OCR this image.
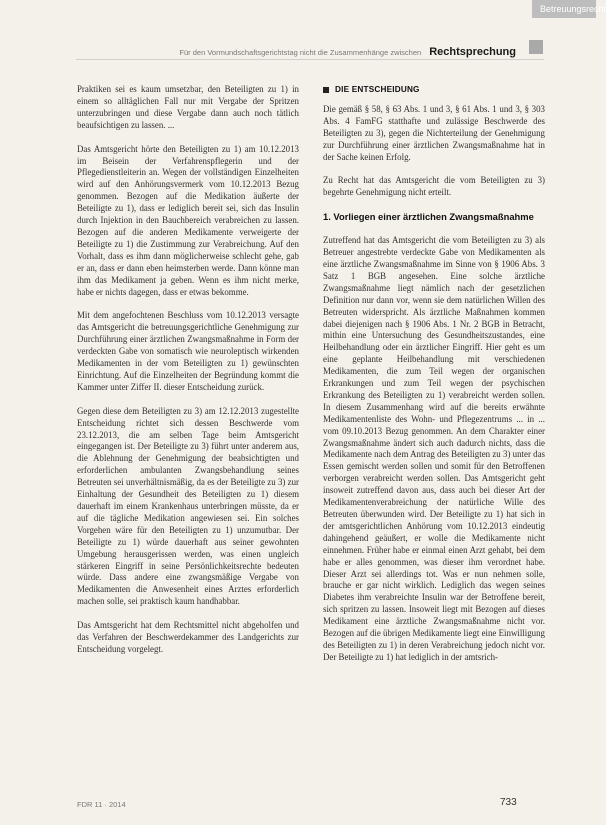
Betreuungsrecht
Für den Vormundschaftsgerichtstag nicht die Zusammenhänge zwischen Rechtsprechung

Praktiken sei es kaum umsetzbar, den Beteiligten zu 1) in einem so alltäglichen Fall nur mit Vergabe der Spritzen unterzubringen und diese Vergabe dann auch noch tätlich beaufsichtigen zu lassen. ...

Das Amtsgericht hörte den Beteiligten zu 1) am 10.12.2013 im Beisein der Verfahrenspflegerin und der Pflegedienstleiterin an. Wegen der vollständigen Einzelheiten wird auf den Anhörungsvermerk vom 10.12.2013 Bezug genommen. Bezogen auf die Medikation äußerte der Beteiligte zu 1), dass er lediglich bereit sei, sich das Insulin durch Injektion in den Bauchbereich verabreichen zu lassen. Bezogen auf die anderen Medikamente verweigerte der Beteiligte zu 1) die Zustimmung zur Verabreichung. Auf den Vorhalt, dass es ihm dann möglicherweise schlecht gehe, gab er an, dass er dann eben heimsterben werde. Dann könne man ihm das Medikament ja geben. Wenn es ihm nicht merke, habe er nichts dagegen, dass er etwas bekomme.

Mit dem angefochtenen Beschluss vom 10.12.2013 versagte das Amtsgericht die betreuungsgerichtliche Genehmigung zur Durchführung einer ärztlichen Zwangsmaßnahme in Form der verdeckten Gabe von somatisch wie neuroleptisch wirkenden Medikamenten in der vom Beteiligten zu 1) gewünschten Einrichtung. Auf die Einzelheiten der Begründung kommt die Kammer unter Ziffer II. dieser Entscheidung zurück.

Gegen diese dem Beteiligten zu 3) am 12.12.2013 zugestellte Entscheidung richtet sich dessen Beschwerde vom 23.12.2013, die am selben Tage beim Amtsgericht eingegangen ist. Der Beteiligte zu 3) führt unter anderem aus, die Ablehnung der Genehmigung der beabsichtigten und erforderlichen ambulanten Zwangsbehandlung seines Betreuten sei unverhältnismäßig, da es der Beteiligte zu 3) zur Einhaltung der Gesundheit des Beteiligten zu 1) diesem dauerhaft im einem Krankenhaus unterbringen müsste, da er auf die tägliche Medikation angewiesen sei. Ein solches Vorgehen wäre für den Beteiligten zu 1) unzumutbar. Der Beteiligte zu 1) würde dauerhaft aus seiner gewohnten Umgebung herausgerissen werden, was einen ungleich stärkeren Eingriff in seine Persönlichkeitsrechte bedeuten würde. Dass andere eine zwangsmäßige Vergabe von Medikamenten die Anwesenheit eines Arztes erforderlich machen solle, sei praktisch kaum handhabbar.

Das Amtsgericht hat dem Rechtsmittel nicht abgeholfen und das Verfahren der Beschwerdekammer des Landgerichts zur Entscheidung vorgelegt.

DIE ENTSCHEIDUNG

Die gemäß § 58, § 63 Abs. 1 und 3, § 61 Abs. 1 und 3, § 303 Abs. 4 FamFG statthafte und zulässige Beschwerde des Beteiligten zu 3), gegen die Nichterteilung der Genehmigung zur Durchführung einer ärztlichen Zwangsmaßnahme hat in der Sache keinen Erfolg.

Zu Recht hat das Amtsgericht die vom Beteiligten zu 3) begehrte Genehmigung nicht erteilt.

1. Vorliegen einer ärztlichen Zwangsmaßnahme

Zutreffend hat das Amtsgericht die vom Beteiligten zu 3) als Betreuer angestrebte verdeckte Gabe von Medikamenten als eine ärztliche Zwangsmaßnahme im Sinne von § 1906 Abs. 3 Satz 1 BGB angesehen. Eine solche ärztliche Zwangsmaßnahme liegt nämlich nach der gesetzlichen Definition nur dann vor, wenn sie dem natürlichen Willen des Betreuten widerspricht. Als ärztliche Maßnahmen kommen dabei diejenigen nach § 1906 Abs. 1 Nr. 2 BGB in Betracht, mithin eine Untersuchung des Gesundheitszustandes, eine Heilbehandlung oder ein ärztlicher Eingriff. Hier geht es um eine geplante Heilbehandlung mit verschiedenen Medikamenten, die zum Teil wegen der organischen Erkrankungen und zum Teil wegen der psychischen Erkrankung des Beteiligten zu 1) verabreicht werden sollen. In diesem Zusammenhang wird auf die bereits erwähnte Medikamentenliste des Wohn- und Pflegezentrums ... in ... vom 09.10.2013 Bezug genommen. An dem Charakter einer Zwangsmaßnahme ändert sich auch dadurch nichts, dass die Medikamente nach dem Antrag des Beteiligten zu 3) unter das Essen gemischt werden sollen und somit für den Betroffenen verborgen verabreicht werden sollen. Das Amtsgericht geht insoweit zutreffend davon aus, dass auch bei dieser Art der Medikamentenverabreichung der natürliche Wille des Betreuten überwunden wird. Der Beteiligte zu 1) hat sich in der amtsgerichtlichen Anhörung vom 10.12.2013 eindeutig dahingehend geäußert, er wolle die Medikamente nicht einnehmen. Früher habe er einmal einen Arzt gehabt, bei dem habe er alles genommen, was dieser ihm verordnet habe. Dieser Arzt sei allerdings tot. Was er nun nehmen solle, brauche er gar nicht wirklich. Lediglich das wegen seines Diabetes ihm verabreichte Insulin war der Betroffene bereit, sich spritzen zu lassen. Insoweit liegt mit Bezogen auf dieses Medikament eine ärztliche Zwangsmaßnahme nicht vor. Bezogen auf die übrigen Medikamente liegt eine Einwilligung des Beteiligten zu 1) in deren Verabreichung jedoch nicht vor. Der Beteiligte zu 1) hat lediglich in der amtsrich-

FDR 11 · 2014	733
